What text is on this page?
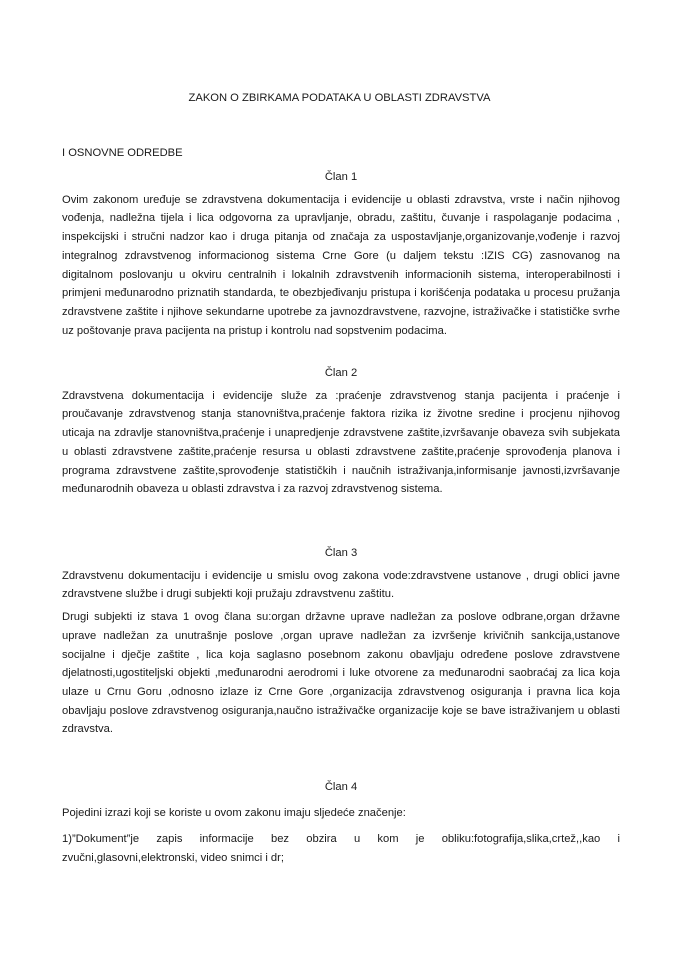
ZAKON O ZBIRKAMA PODATAKA U OBLASTI ZDRAVSTVA
I OSNOVNE ODREDBE

Član 1

Ovim zakonom uređuje se zdravstvena dokumentacija i evidencije u oblasti zdravstva, vrste i način njihovog vođenja, nadležna tijela i lica odgovorna za upravljanje, obradu, zaštitu, čuvanje i raspolaganje podacima , inspekcijski i stručni nadzor kao i druga pitanja od značaja za uspostavljanje,organizovanje,vođenje i razvoj integralnog zdravstvenog informacionog sistema Crne Gore (u daljem tekstu :IZIS CG) zasnovanog na digitalnom poslovanju u okviru centralnih i lokalnih zdravstvenih informacionih sistema, interoperabilnosti i primjeni međunarodno priznatih standarda, te obezbjeđivanju pristupa i korišćenja podataka u procesu pružanja zdravstvene zaštite i njihove sekundarne upotrebe za javnozdravstvene, razvojne, istraživačke i statističke svrhe uz poštovanje prava pacijenta na pristup i kontrolu nad sopstvenim podacima.

Član 2

Zdravstvena dokumentacija i evidencije služe za :praćenje zdravstvenog stanja pacijenta i praćenje i proučavanje zdravstvenog stanja stanovništva,praćenje faktora rizika iz životne sredine i procjenu njihovog uticaja na zdravlje stanovništva,praćenje i unapredjenje zdravstvene zaštite,izvršavanje obaveza svih subjekata u oblasti zdravstvene zaštite,praćenje resursa u oblasti zdravstvene zaštite,praćenje sprovođenja planova i programa zdravstvene zaštite,sprovođenje statističkih i naučnih istraživanja,informisanje javnosti,izvršavanje međunarodnih obaveza u oblasti zdravstva i za razvoj zdravstvenog sistema.

Član 3

Zdravstvenu dokumentaciju i evidencije u smislu ovog zakona vode:zdravstvene ustanove , drugi oblici javne zdravstvene službe i drugi subjekti koji pružaju zdravstvenu zaštitu.

Drugi subjekti iz stava 1 ovog člana su:organ državne uprave nadležan za poslove odbrane,organ državne uprave nadležan za unutrašnje poslove ,organ uprave nadležan za izvršenje krivičnih sankcija,ustanove socijalne i dječje zaštite , lica koja saglasno posebnom zakonu obavljaju određene poslove zdravstvene djelatnosti,ugostiteljski objekti ,međunarodni aerodromi i luke otvorene za međunarodni saobraćaj za lica koja ulaze u Crnu Goru ,odnosno izlaze iz Crne Gore ,organizacija zdravstvenog osiguranja i pravna lica koja obavljaju poslove zdravstvenog osiguranja,naučno istraživačke organizacije koje se bave istraživanjem u oblasti zdravstva.

Član 4

Pojedini izrazi koji se koriste u ovom zakonu imaju sljedeće značenje:

1)”Dokument”je zapis informacije bez obzira u kom je obliku:fotografija,slika,crtež,,kao i zvučni,glasovni,elektronski, video snimci i dr;
